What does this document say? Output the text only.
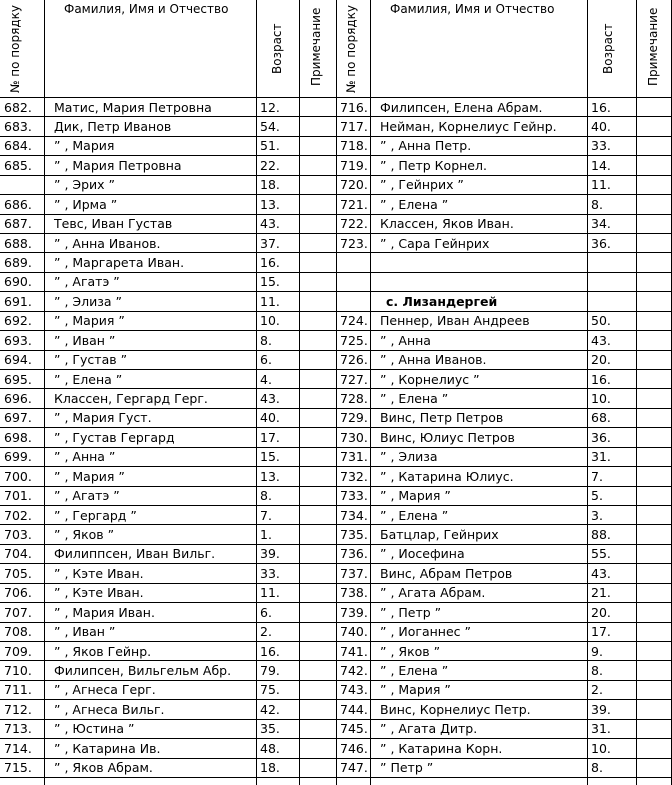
№ по порядку	Фамилия, Имя и Отчество
Возраст Примечание № по порядку	Фамилия, Имя и Отчество
Возраст	Примечание
682. Матис, Мария Петровна	12.
683. Дик, Петр Иванов	54.
684. ” , Мария	51.
685. ” , Мария Петровна	22.
” , Эрих ”	18.
686. ” , Ирма ”	13.
687. Тевс, Иван Густав	43.
688. ” , Анна Иванов.	37.
689. ” , Маргарета Иван.	16.
690. ” , Агатэ ”	15.
691. ” , Элиза ”	11.
692. ” , Мария ”	10.
693. ” , Иван ”	8.
694. ” , Густав ”	6.
695. ” , Елена ”	4.
696. Классен, Гергард Герг.	43.
697. ” , Мария Густ.	40.
698. ” , Густав Гергард	17.
699. ” , Анна ”	15.
700. ” , Мария ”	13.
701. ” , Агатэ ”	8.
702. ” , Гергард ”	7.
703. ” , Яков ”	1.
704. Филиппсен, Иван Вильг.	39.
705. ” , Кэте Иван.	33.
706. ” , Кэте Иван.	11.
707. ” , Мария Иван.	6.
708. ” , Иван ”	2.
709. ” , Яков Гейнр.	16.
710. Филипсен, Вильгельм Абр. 79.
711. ” , Агнеса Герг.	75.
712. ” , Агнеса Вильг.	42.
713. ” , Юстина ”	35.
714. ” , Катарина Ив.	48.
715. ” , Яков Абрам.	18.
716. Филипсен, Елена Абрам.	16.
717. Нейман, Корнелиус Гейнр.	40.
718. ” , Анна Петр.	33.
719. ” , Петр Корнел.	14.
720. ” , Гейнрих ”	11.
721. ” , Елена ”	8.
722. Классен, Яков Иван.	34.
723. ” , Сара Гейнрих	36.
с. Лизандергей
724. Пеннер, Иван Андреев	50.
725. ” , Анна	43.
726. ” , Анна Иванов.	20.
727. ” , Корнелиус ”	16.
728. ” , Елена ”	10.
729. Винс, Петр Петров	68.
730. Винс, Юлиус Петров	36.
731. ” , Элиза	31.
732. ” , Катарина Юлиус.	7.
733. ” , Мария ”	5.
734. ” , Елена ”	3.
735. Батцлар, Гейнрих	88.
736. ” , Иосефина	55.
737. Винс, Абрам Петров	43.
738. ” , Агата Абрам.	21.
739. ” , Петр ”	20.
740. ” , Иоганнес ”	17.
741. ” , Яков ”	9.
742. ” , Елена ”	8.
743. ” , Мария ”	2.
744. Винс, Корнелиус Петр.	39.
745. ” , Агата Дитр.	31.
746. ” , Катарина Корн.	10.
747. ” Петр ”	8.
